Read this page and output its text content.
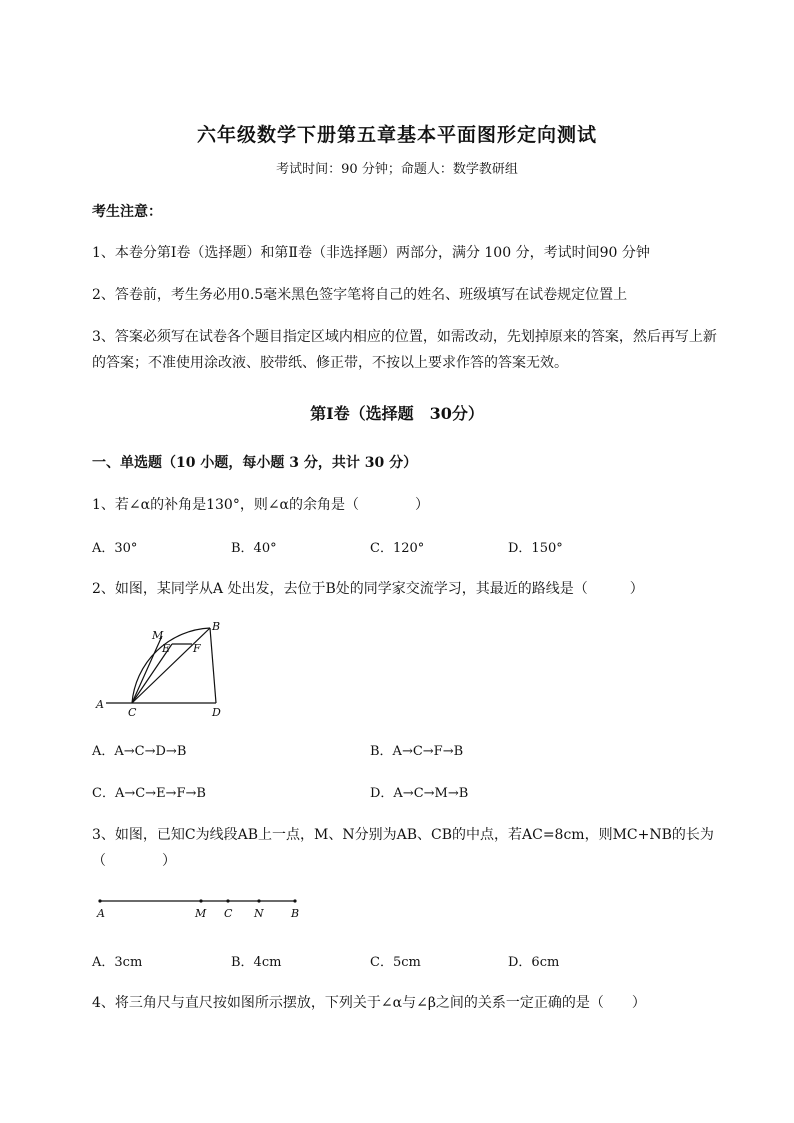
六年级数学下册第五章基本平面图形定向测试
考试时间：90 分钟；命题人：数学教研组
考生注意：
1、本卷分第Ⅰ卷（选择题）和第Ⅱ卷（非选择题）两部分，满分 100 分，考试时间90 分钟
2、答卷前，考生务必用0.5毫米黑色签字笔将自己的姓名、班级填写在试卷规定位置上
3、答案必须写在试卷各个题目指定区域内相应的位置，如需改动，先划掉原来的答案，然后再写上新
的答案；不准使用涂改液、胶带纸、修正带，不按以上要求作答的答案无效。
第Ⅰ卷（选择题　30分）
一、单选题（10 小题，每小题 3 分，共计 30 分）
1、若∠α的补角是130°，则∠α的余角是（　　　　）
A．30°	B．40°	C．120°	D．150°
2、如图，某同学从A 处出发，去位于B处的同学家交流学习，其最近的路线是（　　　）
M
B
E F
A
C	D
A．A→C→D→B	B．A→C→F→B
C．A→C→E→F→B	D．A→C→M→B
3、如图，已知C为线段AB上一点，M、N分别为AB、CB的中点，若AC=8cm，则MC+NB的长为
（　　　　）
A	M C N B
A．3cm	B．4cm	C．5cm	D．6cm
4、将三角尺与直尺按如图所示摆放，下列关于∠α与∠β之间的关系一定正确的是（　　）
